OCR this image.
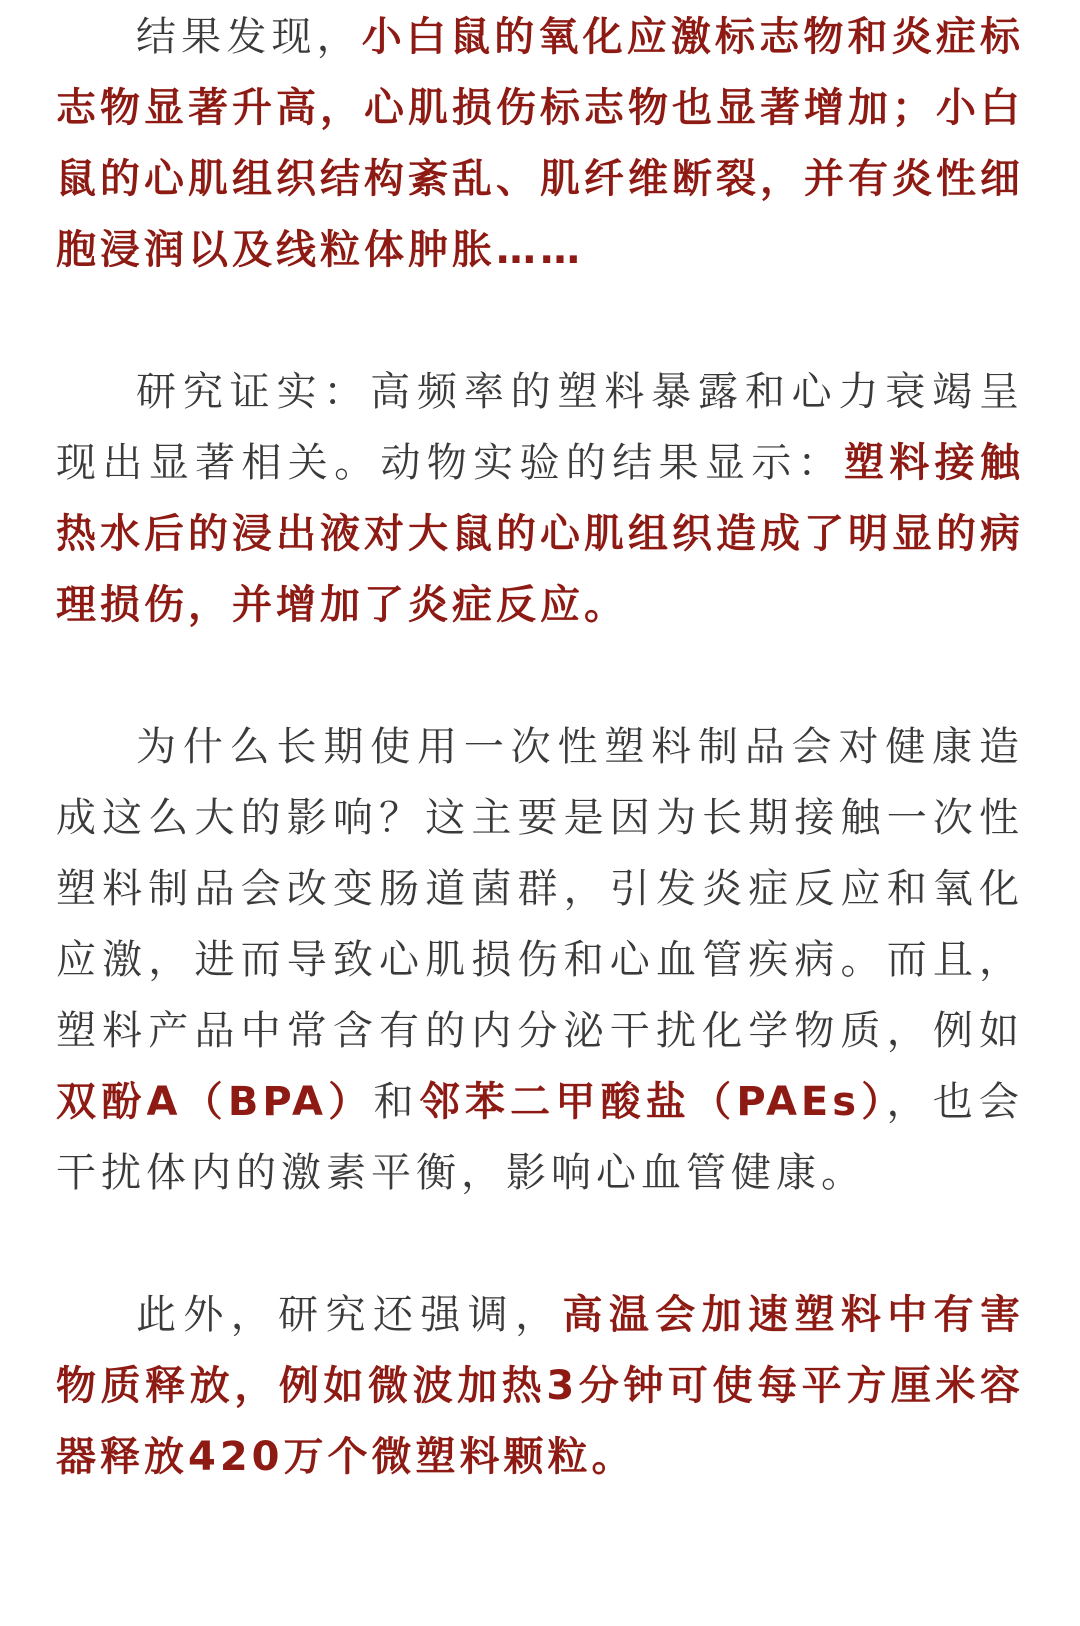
结果发现，小白鼠的氧化应激标志物和炎症标志物显著升高，心肌损伤标志物也显著增加；小白鼠的心肌组织结构紊乱、肌纤维断裂，并有炎性细胞浸润以及线粒体肿胀……

研究证实：高频率的塑料暴露和心力衰竭呈现出显著相关。动物实验的结果显示：塑料接触热水后的浸出液对大鼠的心肌组织造成了明显的病理损伤，并增加了炎症反应。

为什么长期使用一次性塑料制品会对健康造成这么大的影响？这主要是因为长期接触一次性塑料制品会改变肠道菌群，引发炎症反应和氧化应激，进而导致心肌损伤和心血管疾病。而且，塑料产品中常含有的内分泌干扰化学物质，例如双酚A（BPA）和邻苯二甲酸盐（PAEs），也会干扰体内的激素平衡，影响心血管健康。

此外，研究还强调，高温会加速塑料中有害物质释放，例如微波加热3分钟可使每平方厘米容器释放420万个微塑料颗粒。
